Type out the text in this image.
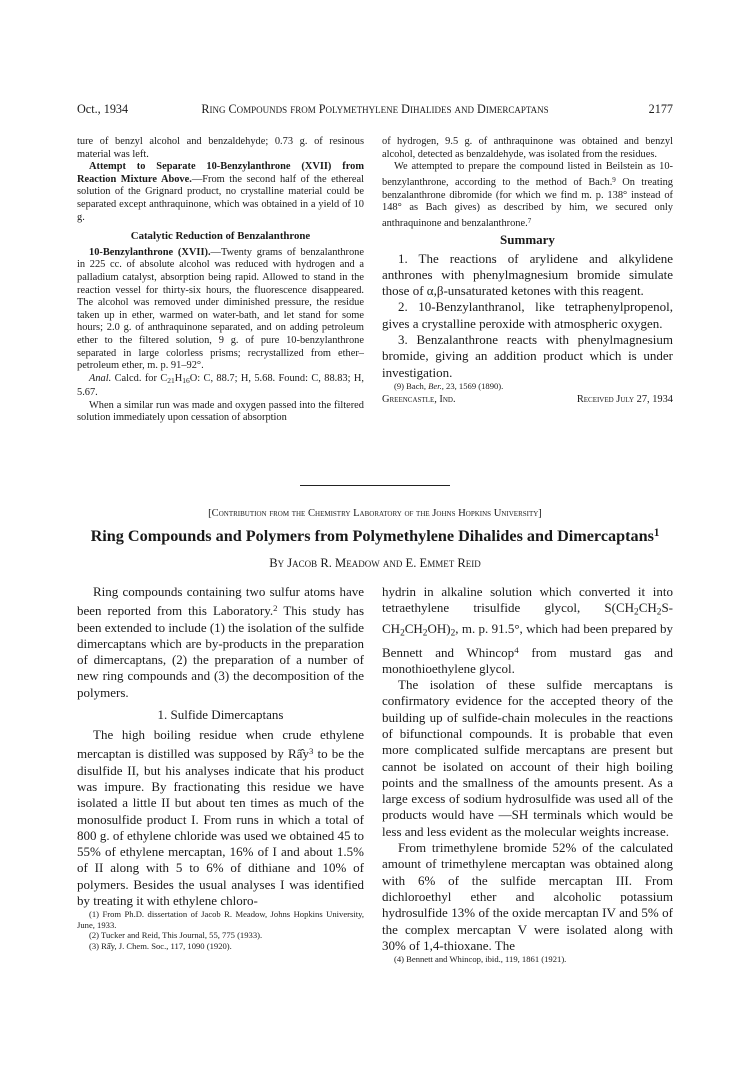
Oct., 1934	Ring Compounds from Polymethylene Dihalides and Dimercaptans	2177

ture of benzyl alcohol and benzaldehyde; 0.73 g. of resinous material was left.

Attempt to Separate 10-Benzylanthrone (XVII) from Reaction Mixture Above.—From the second half of the ethereal solution of the Grignard product, no crystalline material could be separated except anthraquinone, which was obtained in a yield of 10 g.

Catalytic Reduction of Benzalanthrone

10-Benzylanthrone (XVII).—Twenty grams of benzalanthrone in 225 cc. of absolute alcohol was reduced with hydrogen and a palladium catalyst, absorption being rapid. Allowed to stand in the reaction vessel for thirty-six hours, the fluorescence disappeared. The alcohol was removed under diminished pressure, the residue taken up in ether, warmed on water-bath, and let stand for some hours; 2.0 g. of anthraquinone separated, and on adding petroleum ether to the filtered solution, 9 g. of pure 10-benzylanthrone separated in large colorless prisms; recrystallized from ether–petroleum ether, m. p. 91–92°.

Anal. Calcd. for $C_{21}H_{16}O$: C, 88.7; H, 5.68. Found: C, 88.83; H, 5.67.

When a similar run was made and oxygen passed into the filtered solution immediately upon cessation of absorption

of hydrogen, 9.5 g. of anthraquinone was obtained and benzyl alcohol, detected as benzaldehyde, was isolated from the residues.

We attempted to prepare the compound listed in Beilstein as 10-benzylanthrone, according to the method of Bach.$^9$ On treating benzalanthrone dibromide (for which we find m. p. 138° instead of 148° as Bach gives) as described by him, we secured only anthraquinone and benzalanthrone.$^7$

Summary

1. The reactions of arylidene and alkylidene anthrones with phenylmagnesium bromide simulate those of α,β-unsaturated ketones with this reagent.

2. 10-Benzylanthranol, like tetraphenylpropenol, gives a crystalline peroxide with atmospheric oxygen.

3. Benzalanthrone reacts with phenylmagnesium bromide, giving an addition product which is under investigation.

(9) Bach, Ber., 23, 1569 (1890).

Greencastle, Ind.	Received July 27, 1934
[Contribution from the Chemistry Laboratory of the Johns Hopkins University]
Ring Compounds and Polymers from Polymethylene Dihalides and Dimercaptans$^1$
By Jacob R. Meadow and E. Emmet Reid

Ring compounds containing two sulfur atoms have been reported from this Laboratory.$^2$ This study has been extended to include (1) the isolation of the sulfide dimercaptans which are by-products in the preparation of dimercaptans, (2) the preparation of a number of new ring compounds and (3) the decomposition of the polymers.

1. Sulfide Dimercaptans

The high boiling residue when crude ethylene mercaptan is distilled was supposed by $Râ̂y^3$ to be the disulfide II, but his analyses indicate that his product was impure. By fractionating this residue we have isolated a little II but about ten times as much of the monosulfide product I. From runs in which a total of 800 g. of ethylene chloride was used we obtained 45 to 55% of ethylene mercaptan, 16% of I and about 1.5% of II along with 5 to 6% of dithiane and 10% of polymers. Besides the usual analyses I was identified by treating it with ethylene chloro-

(1) From Ph.D. dissertation of Jacob R. Meadow, Johns Hopkins University, June, 1933.

(2) Tucker and Reid, This Journal, 55, 775 (1933).

(3) Râ̂y, J. Chem. Soc., 117, 1090 (1920).

hydrin in alkaline solution which converted it into tetraethylene trisulfide glycol, $S(CH_2CH_2S-CH_2CH_2OH)_2$, m. p. 91.5°, which had been prepared by Bennett and Whincop$^4$ from mustard gas and monothioethylene glycol.

The isolation of these sulfide mercaptans is confirmatory evidence for the accepted theory of the building up of sulfide-chain molecules in the reactions of bifunctional compounds. It is probable that even more complicated sulfide mercaptans are present but cannot be isolated on account of their high boiling points and the smallness of the amounts present. As a large excess of sodium hydrosulfide was used all of the products would have —SH terminals which would be less and less evident as the molecular weights increase.

From trimethylene bromide 52% of the calculated amount of trimethylene mercaptan was obtained along with 6% of the sulfide mercaptan III. From dichloroethyl ether and alcoholic potassium hydrosulfide 13% of the oxide mercaptan IV and 5% of the complex mercaptan V were isolated along with 30% of 1,4-thioxane. The

(4) Bennett and Whincop, ibid., 119, 1861 (1921).
